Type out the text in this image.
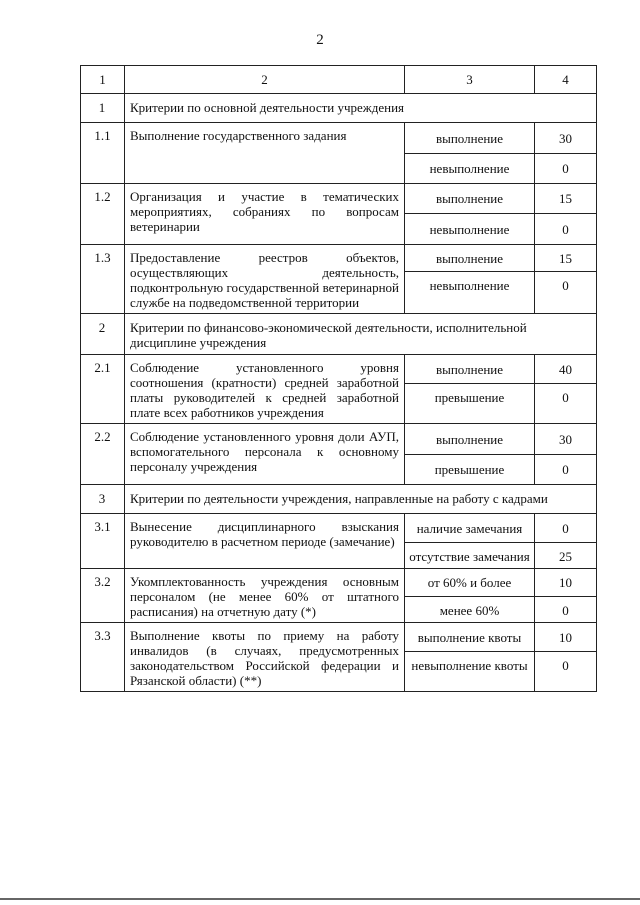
2
1	2	3	4
1	Критерии по основной деятельности учреждения		
1.1	Выполнение государственного задания	выполнение	30
		невыполнение	0
1.2	Организация и участие в тематических мероприятиях, собраниях по вопросам ветеринарии	выполнение	15
		невыполнение	0
1.3	Предоставление реестров объектов, осуществляющих деятельность, подконтрольную государственной ветеринарной службе на подведомственной территории	выполнение	15
		невыполнение	0
2	Критерии по финансово-экономической деятельности, исполнительной дисциплине учреждения		
2.1	Соблюдение установленного уровня соотношения (кратности) средней заработной платы руководителей к средней заработной плате всех работников учреждения	выполнение	40
		превышение	0
2.2	Соблюдение установленного уровня доли АУП, вспомогательного персонала к основному персоналу учреждения	выполнение	30
		превышение	0
3	Критерии по деятельности учреждения, направленные на работу с кадрами		
3.1	Вынесение дисциплинарного взыскания руководителю в расчетном периоде (замечание)	наличие замечания	0
		отсутствие замечания	25
3.2	Укомплектованность учреждения основным персоналом (не менее 60% от штатного расписания) на отчетную дату (*)	от 60% и более	10
		менее 60%	0
3.3	Выполнение квоты по приему на работу инвалидов (в случаях, предусмотренных законодательством Российской федерации и Рязанской области) (**)	выполнение квоты	10
		невыполнение квоты	0
